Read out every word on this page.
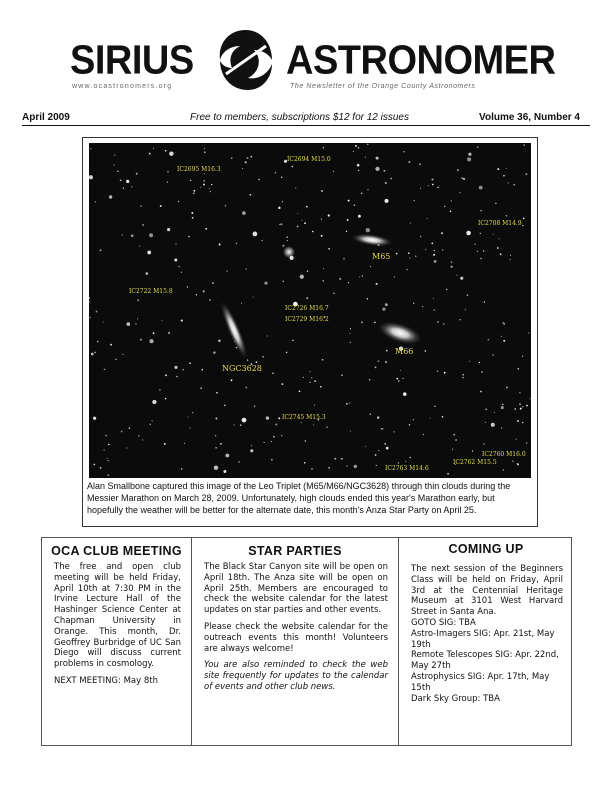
SIRIUS ASTRONOMER
www.ocastronomers.org	The Newsletter of the Orange County Astronomers
April 2009	Free to members, subscriptions $12 for 12 issues	Volume 36, Number 4
IC2695 M16.3
IC2694 M15.0
IC2708 M14.9
M65
IC2722 M15.8
IC2726 M16.7
IC2729 M16.2
M66
NGC3628
IC2745 M15.3
IC2760 M16.0
IC2762 M15.5
IC2763 M14.6
Alan Smallbone captured this image of the Leo Triplet (M65/M66/NGC3628) through thin clouds during the Messier Marathon on March 28, 2009. Unfortunately, high clouds ended this year's Marathon early, but hopefully the weather will be better for the alternate date, this month's Anza Star Party on April 25.
OCA CLUB MEETING

The free and open club meeting will be held Friday, April 10th at 7:30 PM in the Irvine Lecture Hall of the Hashinger Science Center at Chapman University in Orange. This month, Dr. Geoffrey Burbridge of UC San Diego will discuss current problems in cosmology.

NEXT MEETING: May 8th

STAR PARTIES

The Black Star Canyon site will be open on April 18th. The Anza site will be open on April 25th. Members are encouraged to check the website calendar for the latest updates on star parties and other events.

Please check the website calendar for the outreach events this month! Volunteers are always welcome!

You are also reminded to check the web site frequently for updates to the calendar of events and other club news.

COMING UP

The next session of the Beginners Class will be held on Friday, April 3rd at the Centennial Heritage Museum at 3101 West Harvard Street in Santa Ana.

GOTO SIG: TBA

Astro-Imagers SIG: Apr. 21st, May 19th

Remote Telescopes SIG: Apr. 22nd, May 27th

Astrophysics SIG: Apr. 17th, May 15th

Dark Sky Group: TBA
